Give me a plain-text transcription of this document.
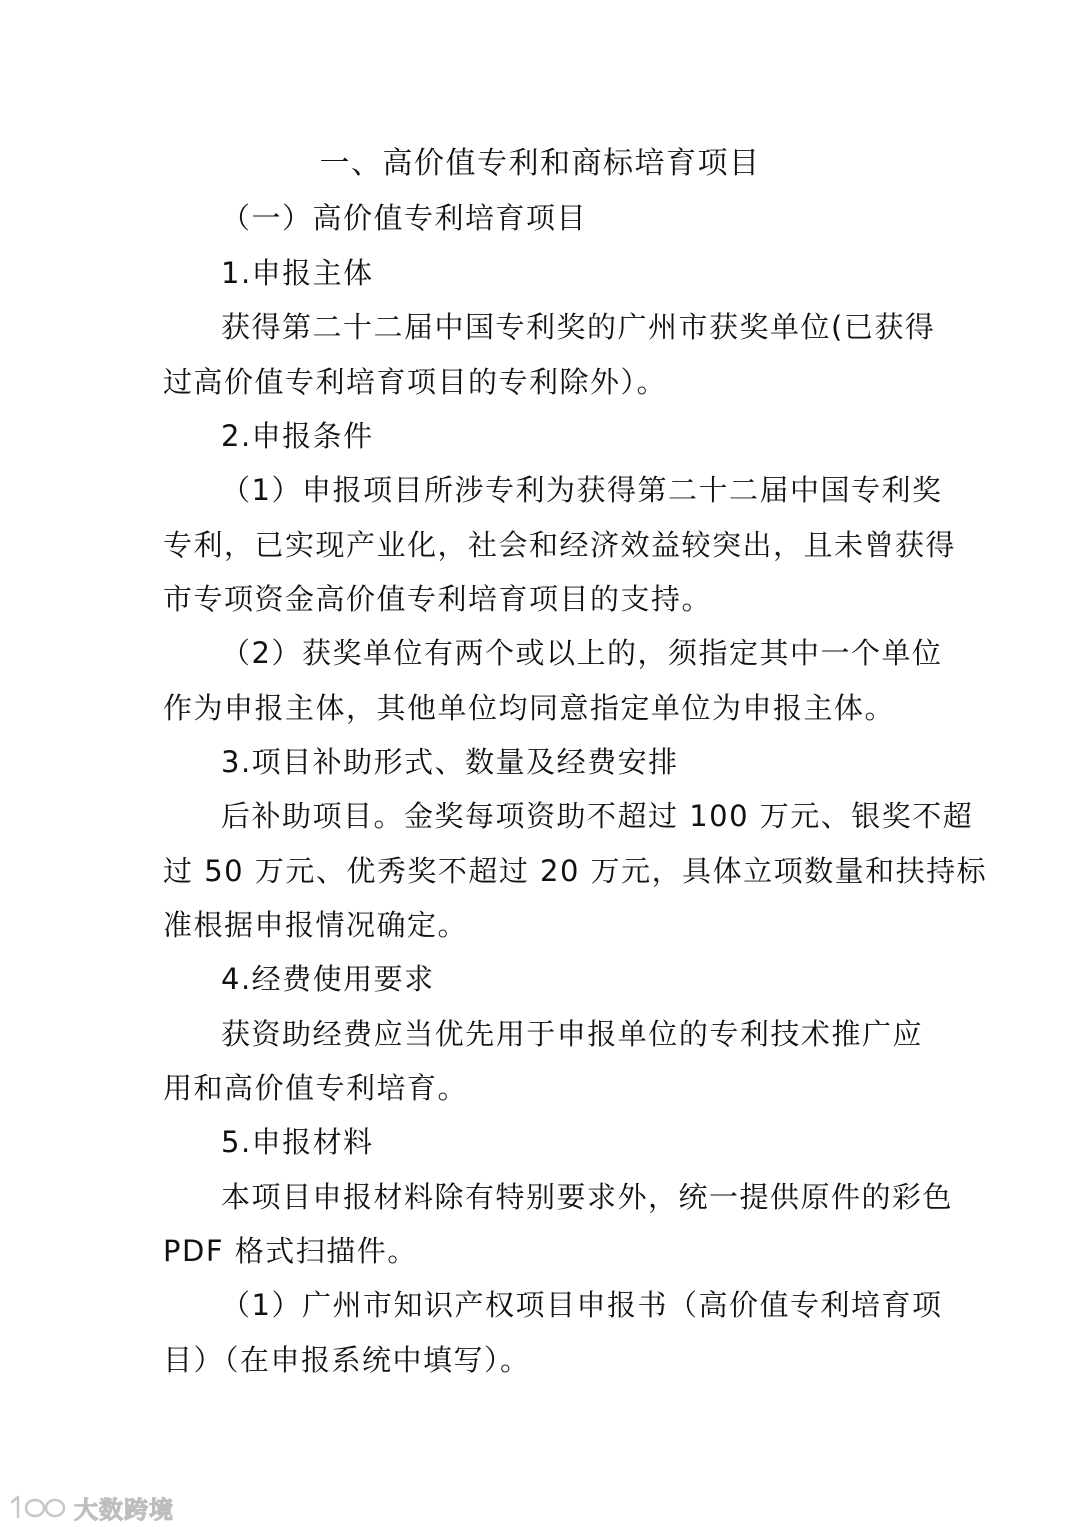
一、高价值专利和商标培育项目
（一）高价值专利培育项目
1.申报主体
获得第二十二届中国专利奖的广州市获奖单位(已获得
过高价值专利培育项目的专利除外）。
2.申报条件
（1）申报项目所涉专利为获得第二十二届中国专利奖
专利，已实现产业化，社会和经济效益较突出，且未曾获得
市专项资金高价值专利培育项目的支持。
（2）获奖单位有两个或以上的，须指定其中一个单位
作为申报主体，其他单位均同意指定单位为申报主体。
3.项目补助形式、数量及经费安排
后补助项目。金奖每项资助不超过 100 万元、银奖不超
过 50 万元、优秀奖不超过 20 万元，具体立项数量和扶持标
准根据申报情况确定。
4.经费使用要求
获资助经费应当优先用于申报单位的专利技术推广应
用和高价值专利培育。
5.申报材料
本项目申报材料除有特别要求外，统一提供原件的彩色
PDF 格式扫描件。
（1）广州市知识产权项目申报书（高价值专利培育项
目）（在申报系统中填写）。
大数跨境
